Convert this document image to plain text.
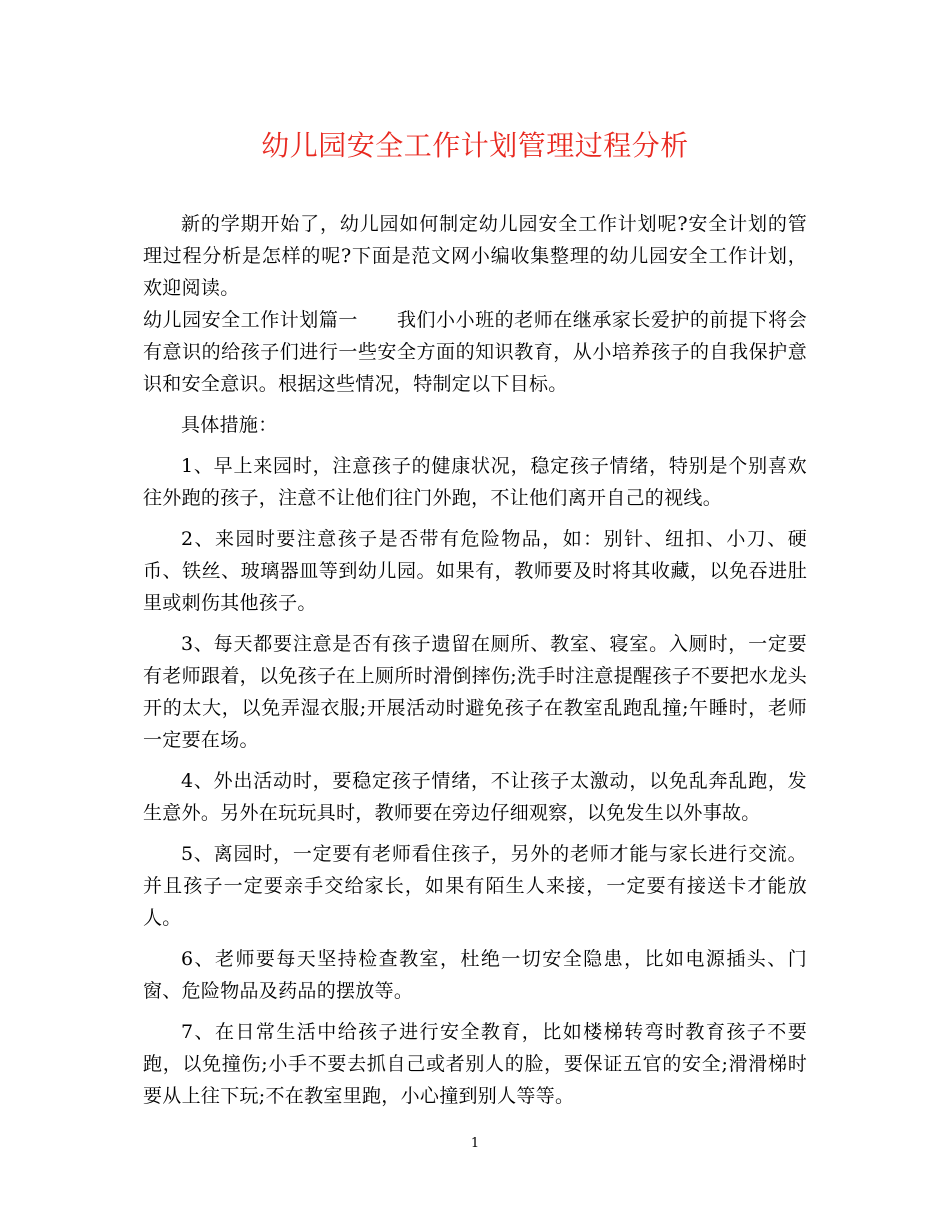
幼儿园安全工作计划管理过程分析

新的学期开始了，幼儿园如何制定幼儿园安全工作计划呢?安全计划的管理过程分析是怎样的呢?下面是范文网小编收集整理的幼儿园安全工作计划，欢迎阅读。

幼儿园安全工作计划篇一　　我们小小班的老师在继承家长爱护的前提下将会有意识的给孩子们进行一些安全方面的知识教育，从小培养孩子的自我保护意识和安全意识。根据这些情况，特制定以下目标。

具体措施：

1、早上来园时，注意孩子的健康状况，稳定孩子情绪，特别是个别喜欢往外跑的孩子，注意不让他们往门外跑，不让他们离开自己的视线。

2、来园时要注意孩子是否带有危险物品，如：别针、纽扣、小刀、硬币、铁丝、玻璃器皿等到幼儿园。如果有，教师要及时将其收藏，以免吞进肚里或刺伤其他孩子。

3、每天都要注意是否有孩子遗留在厕所、教室、寝室。入厕时，一定要有老师跟着，以免孩子在上厕所时滑倒摔伤;洗手时注意提醒孩子不要把水龙头开的太大，以免弄湿衣服;开展活动时避免孩子在教室乱跑乱撞;午睡时，老师一定要在场。

4、外出活动时，要稳定孩子情绪，不让孩子太激动，以免乱奔乱跑，发生意外。另外在玩玩具时，教师要在旁边仔细观察，以免发生以外事故。

5、离园时，一定要有老师看住孩子，另外的老师才能与家长进行交流。并且孩子一定要亲手交给家长，如果有陌生人来接，一定要有接送卡才能放人。

6、老师要每天坚持检查教室，杜绝一切安全隐患，比如电源插头、门窗、危险物品及药品的摆放等。

7、在日常生活中给孩子进行安全教育，比如楼梯转弯时教育孩子不要跑，以免撞伤;小手不要去抓自己或者别人的脸，要保证五官的安全;滑滑梯时要从上往下玩;不在教室里跑，小心撞到别人等等。

1
